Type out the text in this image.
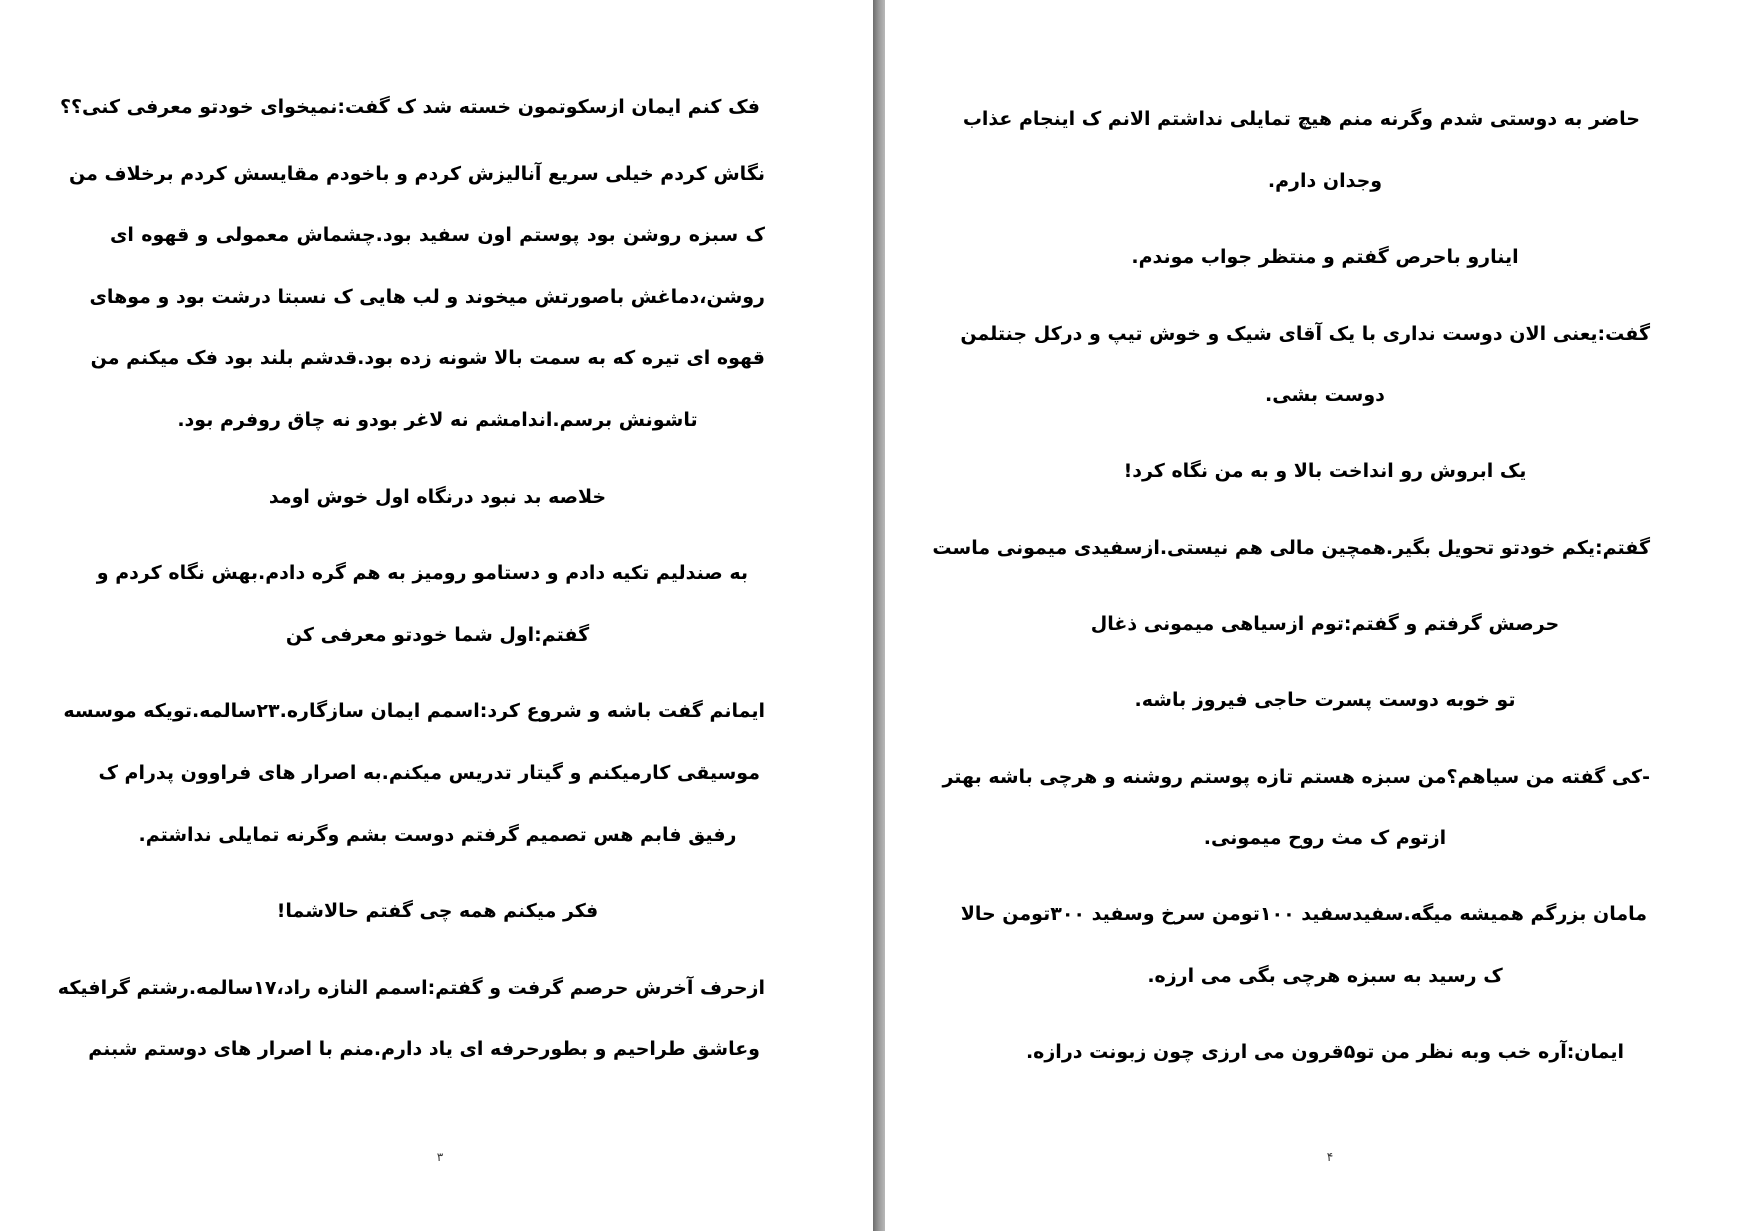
فک کنم ایمان ازسکوتمون خسته شد ک گفت:نمیخوای خودتو معرفی کنی؟؟

نگاش کردم خیلی سریع آنالیزش کردم و باخودم مقایسش کردم برخلاف من

ک سبزه روشن بود پوستم اون سفید بود.چشماش معمولی و قهوه ای

روشن،دماغش باصورتش میخوند و لب هایی ک نسبتا درشت بود و موهای

قهوه ای تیره که به سمت بالا شونه زده بود.قدشم بلند بود فک میکنم من

تاشونش برسم.اندامشم نه لاغر بودو نه چاق روفرم بود.

خلاصه بد نبود درنگاه اول خوش اومد

به صندلیم تکیه دادم و دستامو رومیز به هم گره دادم.بهش نگاه کردم و

گفتم:اول شما خودتو معرفی کن

ایمانم گفت باشه و شروع کرد:اسمم ایمان سازگاره.۲۳سالمه.تویکه موسسه

موسیقی کارمیکنم و گیتار تدریس میکنم.به اصرار های فراوون پدرام ک

رفیق فابم هس تصمیم گرفتم دوست بشم وگرنه تمایلی نداشتم.

فکر میکنم همه چی گفتم حالاشما!

ازحرف آخرش حرصم گرفت و گفتم:اسمم النازه راد،۱۷سالمه.رشتم گرافیکه

وعاشق طراحیم و بطورحرفه ای یاد دارم.منم با اصرار های دوستم شبنم

۳

حاضر به دوستی شدم وگرنه منم هیچ تمایلی نداشتم الانم ک اینجام عذاب

وجدان دارم.

اینارو باحرص گفتم و منتظر جواب موندم.

گفت:یعنی الان دوست نداری با یک آقای شیک و خوش تیپ و درکل جنتلمن

دوست بشی.

یک ابروش رو انداخت بالا و به من نگاه کرد!

گفتم:یکم خودتو تحویل بگیر.همچین مالی هم نیستی.ازسفیدی میمونی ماست

حرصش گرفتم و گفتم:توم ازسیاهی میمونی ذغال

تو خوبه دوست پسرت حاجی فیروز باشه.

-کی گفته من سیاهم؟من سبزه هستم تازه پوستم روشنه و هرچی باشه بهتر

ازتوم ک مث روح میمونی.

مامان بزرگم همیشه میگه.سفیدسفید ۱۰۰تومن سرخ وسفید ۳۰۰تومن حالا

ک رسید به سبزه هرچی بگی می ارزه.

ایمان:آره خب وبه نظر من تو۵قرون می ارزی چون زبونت درازه.

۴
